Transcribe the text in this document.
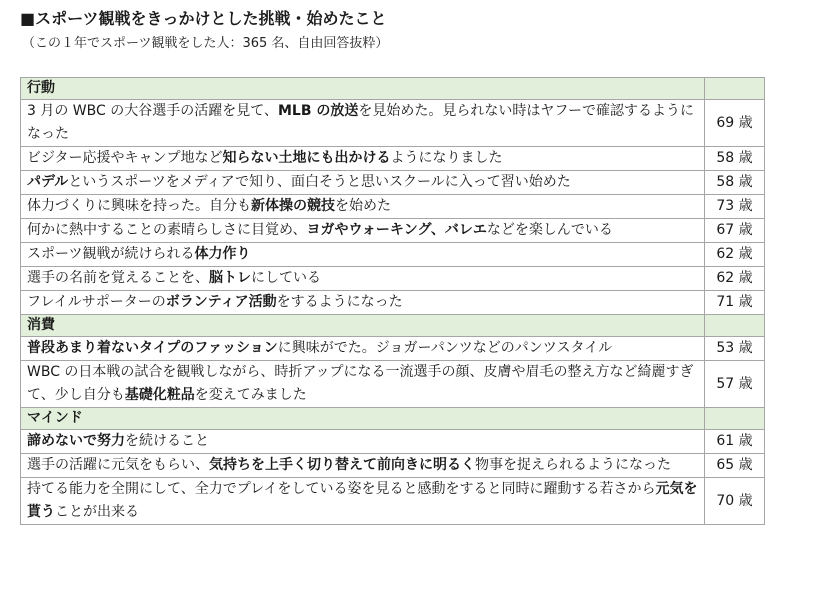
■スポーツ観戦をきっかけとした挑戦・始めたこと
（この１年でスポーツ観戦をした人：365 名、自由回答抜粋）
行動	
3 月の WBC の大谷選手の活躍を見て、MLB の放送を見始めた。見られない時はヤフーで確認するようになった	69 歳
ビジター応援やキャンプ地など知らない土地にも出かけるようになりました	58 歳
パデルというスポーツをメディアで知り、面白そうと思いスクールに入って習い始めた	58 歳
体力づくりに興味を持った。自分も新体操の競技を始めた	73 歳
何かに熱中することの素晴らしさに目覚め、ヨガやウォーキング、バレエなどを楽しんでいる	67 歳
スポーツ観戦が続けられる体力作り	62 歳
選手の名前を覚えることを、脳トレにしている	62 歳
フレイルサポーターのボランティア活動をするようになった	71 歳
消費	
普段あまり着ないタイプのファッションに興味がでた。ジョガーパンツなどのパンツスタイル	53 歳
WBC の日本戦の試合を観戦しながら、時折アップになる一流選手の顔、皮膚や眉毛の整え方など綺麗すぎて、少し自分も基礎化粧品を変えてみました	57 歳
マインド	
諦めないで努力を続けること	61 歳
選手の活躍に元気をもらい、気持ちを上手く切り替えて前向きに明るく物事を捉えられるようになった	65 歳
持てる能力を全開にして、全力でプレイをしている姿を見ると感動をすると同時に躍動する若さから元気を貰うことが出来る	70 歳
